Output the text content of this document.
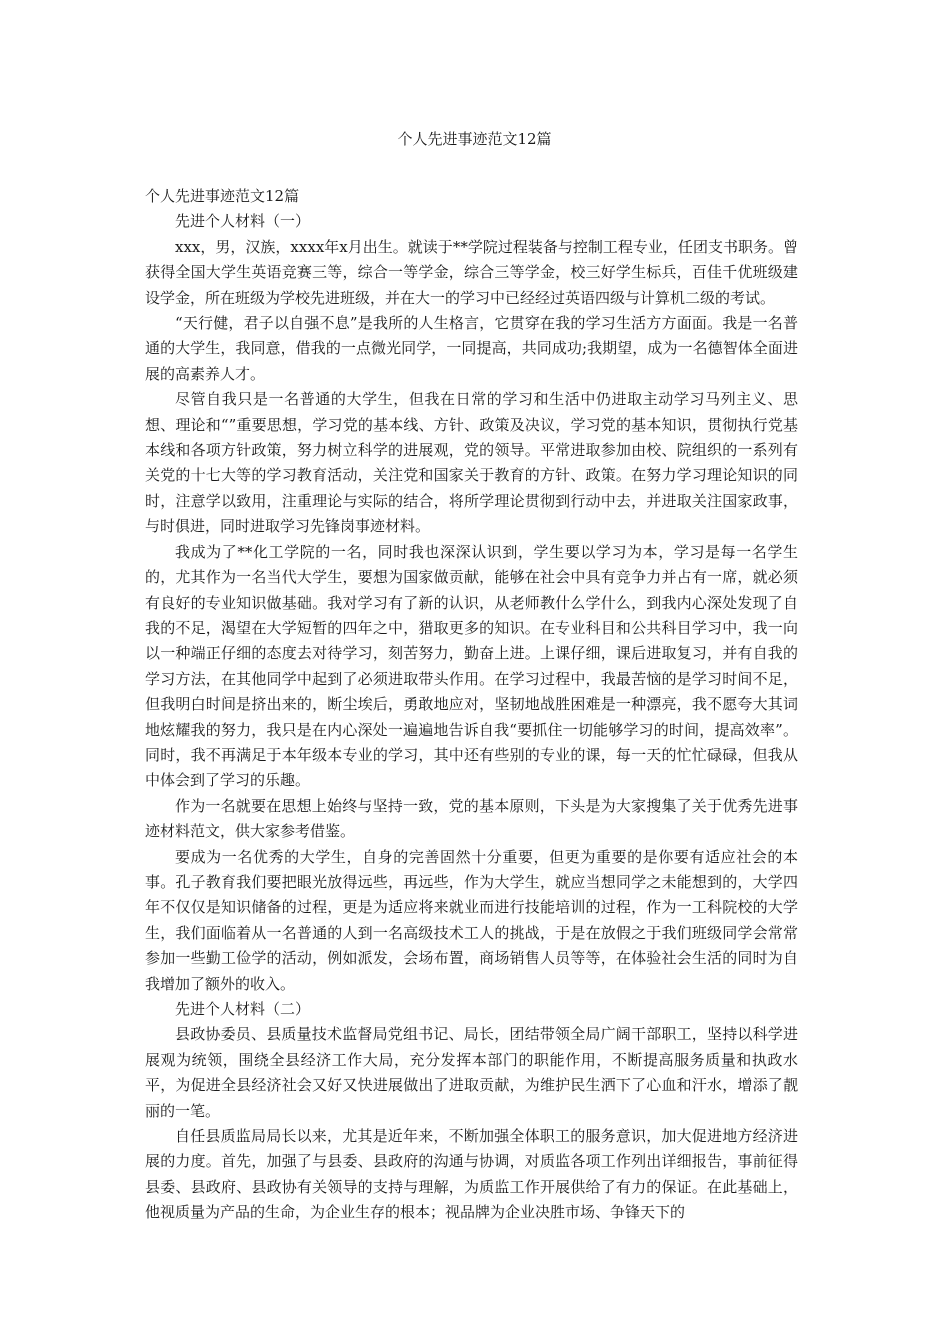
个人先进事迹范文12篇

个人先进事迹范文12篇

先进个人材料（一）

xxx，男，汉族，xxxx年x月出生。就读于**学院过程装备与控制工程专业，任团支书职务。曾获得全国大学生英语竞赛三等，综合一等学金，综合三等学金，校三好学生标兵，百佳千优班级建设学金，所在班级为学校先进班级，并在大一的学习中已经经过英语四级与计算机二级的考试。

“天行健，君子以自强不息”是我所的人生格言，它贯穿在我的学习生活方方面面。我是一名普通的大学生，我同意，借我的一点微光同学，一同提高，共同成功;我期望，成为一名德智体全面进展的高素养人才。

尽管自我只是一名普通的大学生，但我在日常的学习和生活中仍进取主动学习马列主义、思想、理论和“”重要思想，学习党的基本线、方针、政策及决议，学习党的基本知识，贯彻执行党基本线和各项方针政策，努力树立科学的进展观，党的领导。平常进取参加由校、院组织的一系列有关党的十七大等的学习教育活动，关注党和国家关于教育的方针、政策。在努力学习理论知识的同时，注意学以致用，注重理论与实际的结合，将所学理论贯彻到行动中去，并进取关注国家政事，与时俱进，同时进取学习先锋岗事迹材料。

我成为了**化工学院的一名，同时我也深深认识到，学生要以学习为本，学习是每一名学生的，尤其作为一名当代大学生，要想为国家做贡献，能够在社会中具有竞争力并占有一席，就必须有良好的专业知识做基础。我对学习有了新的认识，从老师教什么学什么，到我内心深处发现了自我的不足，渴望在大学短暂的四年之中，猎取更多的知识。在专业科目和公共科目学习中，我一向以一种端正仔细的态度去对待学习，刻苦努力，勤奋上进。上课仔细，课后进取复习，并有自我的学习方法，在其他同学中起到了必须进取带头作用。在学习过程中，我最苦恼的是学习时间不足，但我明白时间是挤出来的，断尘埃后，勇敢地应对，坚韧地战胜困难是一种漂亮，我不愿夸大其词地炫耀我的努力，我只是在内心深处一遍遍地告诉自我“要抓住一切能够学习的时间，提高效率”。同时，我不再满足于本年级本专业的学习，其中还有些别的专业的课，每一天的忙忙碌碌，但我从中体会到了学习的乐趣。

作为一名就要在思想上始终与坚持一致，党的基本原则，下头是为大家搜集了关于优秀先进事迹材料范文，供大家参考借鉴。

要成为一名优秀的大学生，自身的完善固然十分重要，但更为重要的是你要有适应社会的本事。孔子教育我们要把眼光放得远些，再远些，作为大学生，就应当想同学之未能想到的，大学四年不仅仅是知识储备的过程，更是为适应将来就业而进行技能培训的过程，作为一工科院校的大学生，我们面临着从一名普通的人到一名高级技术工人的挑战，于是在放假之于我们班级同学会常常参加一些勤工俭学的活动，例如派发，会场布置，商场销售人员等等，在体验社会生活的同时为自我增加了额外的收入。

先进个人材料（二）

县政协委员、县质量技术监督局党组书记、局长，团结带领全局广阔干部职工，坚持以科学进展观为统领，围绕全县经济工作大局，充分发挥本部门的职能作用，不断提高服务质量和执政水平，为促进全县经济社会又好又快进展做出了进取贡献，为维护民生洒下了心血和汗水，增添了靓丽的一笔。

自任县质监局局长以来，尤其是近年来，不断加强全体职工的服务意识，加大促进地方经济进展的力度。首先，加强了与县委、县政府的沟通与协调，对质监各项工作列出详细报告，事前征得县委、县政府、县政协有关领导的支持与理解，为质监工作开展供给了有力的保证。在此基础上，他视质量为产品的生命，为企业生存的根本；视品牌为企业决胜市场、争锋天下的
